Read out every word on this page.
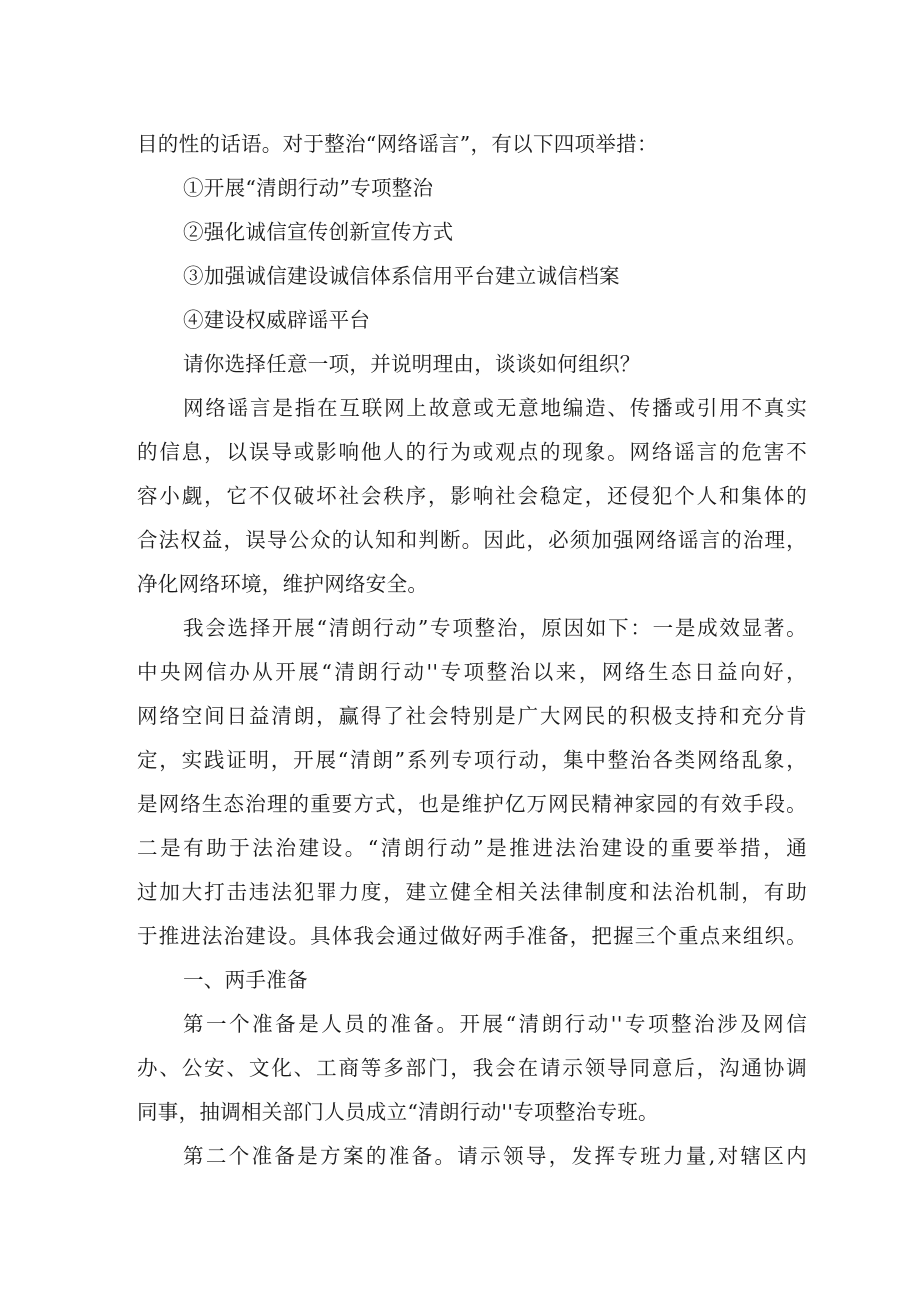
目的性的话语。对于整治“网络谣言”，有以下四项举措：
①开展“清朗行动”专项整治
②强化诚信宣传创新宣传方式
③加强诚信建设诚信体系信用平台建立诚信档案
④建设权威辟谣平台
请你选择任意一项，并说明理由，谈谈如何组织？
网络谣言是指在互联网上故意或无意地编造、传播或引用不真实
的信息，以误导或影响他人的行为或观点的现象。网络谣言的危害不
容小觑，它不仅破坏社会秩序，影响社会稳定，还侵犯个人和集体的
合法权益，误导公众的认知和判断。因此，必须加强网络谣言的治理，
净化网络环境，维护网络安全。
我会选择开展“清朗行动”专项整治，原因如下：一是成效显著。
中央网信办从开展“清朗行动''专项整治以来，网络生态日益向好，
网络空间日益清朗，赢得了社会特别是广大网民的积极支持和充分肯
定，实践证明，开展“清朗”系列专项行动，集中整治各类网络乱象，
是网络生态治理的重要方式，也是维护亿万网民精神家园的有效手段。
二是有助于法治建设。“清朗行动”是推进法治建设的重要举措，通
过加大打击违法犯罪力度，建立健全相关法律制度和法治机制，有助
于推进法治建设。具体我会通过做好两手准备，把握三个重点来组织。
一、两手准备
第一个准备是人员的准备。开展“清朗行动''专项整治涉及网信
办、公安、文化、工商等多部门，我会在请示领导同意后，沟通协调
同事，抽调相关部门人员成立“清朗行动''专项整治专班。
第二个准备是方案的准备。请示领导，发挥专班力量,对辖区内
